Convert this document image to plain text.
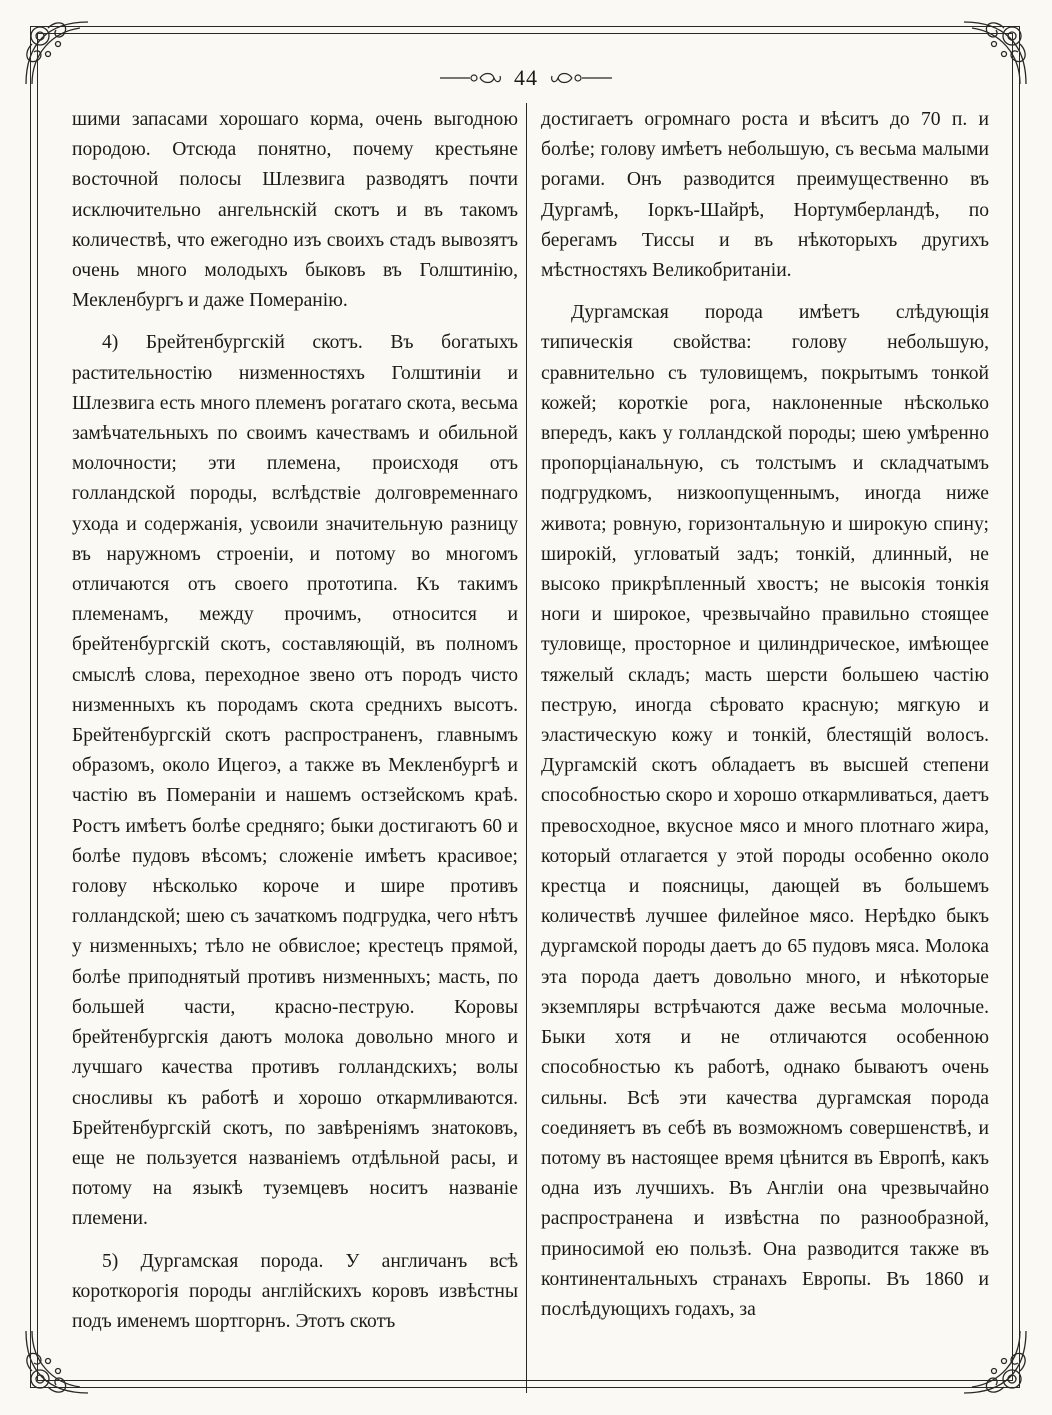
44

шими запасами хорошаго корма, очень выгодною породою. Отсюда понятно, почему крестьяне восточной полосы Шлезвига разводятъ почти исключительно ангельнскій скотъ и въ такомъ количествѣ, что ежегодно изъ своихъ стадъ вывозятъ очень много молодыхъ быковъ въ Голштинію, Мекленбургъ и даже Померанію.

4) Брейтенбургскій скотъ. Въ богатыхъ растительностію низменностяхъ Голштиніи и Шлезвига есть много племенъ рогатаго скота, весьма замѣчательныхъ по своимъ качествамъ и обильной молочности; эти племена, происходя отъ голландской породы, вслѣдствіе долговременнаго ухода и содержанія, усвоили значительную разницу въ наружномъ строеніи, и потому во многомъ отличаются отъ своего прототипа. Къ такимъ племенамъ, между прочимъ, относится и брейтенбургскій скотъ, составляющій, въ полномъ смыслѣ слова, переходное звено отъ породъ чисто низменныхъ къ породамъ скота среднихъ высотъ. Брейтенбургскій скотъ распространенъ, главнымъ образомъ, около Ицегоэ, а также въ Мекленбургѣ и частію въ Помераніи и нашемъ остзейскомъ краѣ. Ростъ имѣетъ болѣе средняго; быки достигаютъ 60 и болѣе пудовъ вѣсомъ; сложеніе имѣетъ красивое; голову нѣсколько короче и шире противъ голландской; шею съ зачаткомъ подгрудка, чего нѣтъ у низменныхъ; тѣло не обвислое; крестецъ прямой, болѣе приподнятый противъ низменныхъ; масть, по большей части, красно-пеструю. Коровы брейтенбургскія даютъ молока довольно много и лучшаго качества противъ голландскихъ; волы сносливы къ работѣ и хорошо откармливаются. Брейтенбургскій скотъ, по завѣреніямъ знатоковъ, еще не пользуется названіемъ отдѣльной расы, и потому на языкѣ туземцевъ носитъ названіе племени.

5) Дургамская порода. У англичанъ всѣ короткорогія породы англійскихъ коровъ извѣстны подъ именемъ шортгорнъ. Этотъ скотъ

достигаетъ огромнаго роста и вѣситъ до 70 п. и болѣе; голову имѣетъ небольшую, съ весьма малыми рогами. Онъ разводится преимущественно въ Дургамѣ, Іоркъ-Шайрѣ, Нортумберландѣ, по берегамъ Тиссы и въ нѣкоторыхъ другихъ мѣстностяхъ Великобританіи.

Дургамская порода имѣетъ слѣдующія типическія свойства: голову небольшую, сравнительно съ туловищемъ, покрытымъ тонкой кожей; короткіе рога, наклоненные нѣсколько впередъ, какъ у голландской породы; шею умѣренно пропорціанальную, съ толстымъ и складчатымъ подгрудкомъ, низкоопущеннымъ, иногда ниже живота; ровную, горизонтальную и широкую спину; широкій, угловатый задъ; тонкій, длинный, не высоко прикрѣпленный хвостъ; не высокія тонкія ноги и широкое, чрезвычайно правильно стоящее туловище, просторное и цилиндрическое, имѣющее тяжелый складъ; масть шерсти большею частію пеструю, иногда сѣровато красную; мягкую и эластическую кожу и тонкій, блестящій волосъ. Дургамскій скотъ обладаетъ въ высшей степени способностью скоро и хорошо откармливаться, даетъ превосходное, вкусное мясо и много плотнаго жира, который отлагается у этой породы особенно около крестца и поясницы, дающей въ большемъ количествѣ лучшее филейное мясо. Нерѣдко быкъ дургамской породы даетъ до 65 пудовъ мяса. Молока эта порода даетъ довольно много, и нѣкоторые экземпляры встрѣчаются даже весьма молочные. Быки хотя и не отличаются особенною способностью къ работѣ, однако бываютъ очень сильны. Всѣ эти качества дургамская порода соединяетъ въ себѣ въ возможномъ совершенствѣ, и потому въ настоящее время цѣнится въ Европѣ, какъ одна изъ лучшихъ. Въ Англіи она чрезвычайно распространена и извѣстна по разнообразной, приносимой ею пользѣ. Она разводится также въ континентальныхъ странахъ Европы. Въ 1860 и послѣдующихъ годахъ, за
